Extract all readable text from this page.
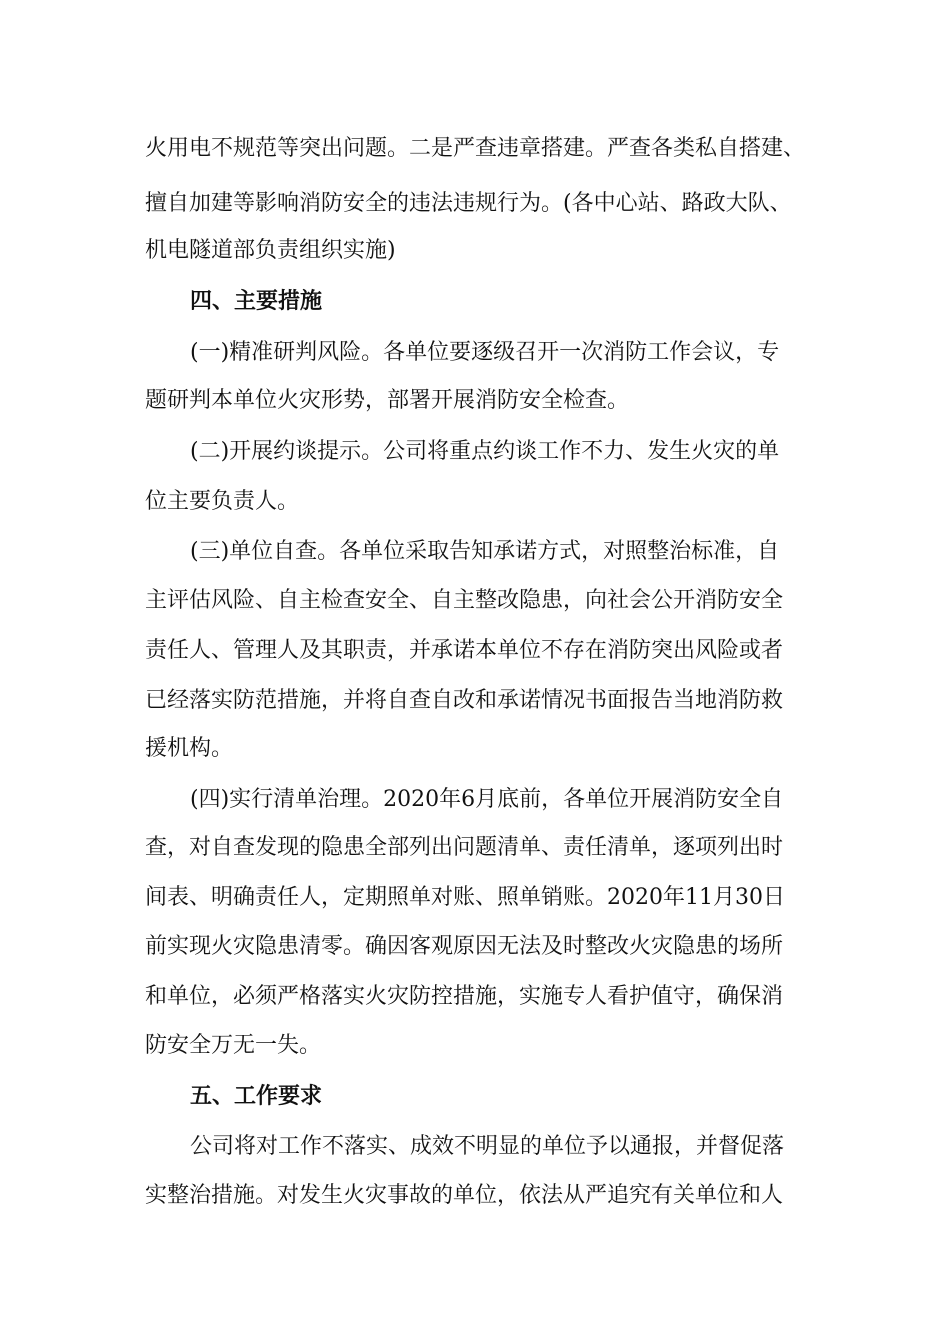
火用电不规范等突出问题。二是严查违章搭建。严查各类私自搭建、
擅自加建等影响消防安全的违法违规行为。(各中心站、路政大队、
机电隧道部负责组织实施)
四、主要措施
(一)精准研判风险。各单位要逐级召开一次消防工作会议，专
题研判本单位火灾形势，部署开展消防安全检查。
(二)开展约谈提示。公司将重点约谈工作不力、发生火灾的单
位主要负责人。
(三)单位自查。各单位采取告知承诺方式，对照整治标准，自
主评估风险、自主检查安全、自主整改隐患，向社会公开消防安全
责任人、管理人及其职责，并承诺本单位不存在消防突出风险或者
已经落实防范措施，并将自查自改和承诺情况书面报告当地消防救
援机构。
(四)实行清单治理。2020年6月底前，各单位开展消防安全自
查，对自查发现的隐患全部列出问题清单、责任清单，逐项列出时
间表、明确责任人，定期照单对账、照单销账。2020年11月30日
前实现火灾隐患清零。确因客观原因无法及时整改火灾隐患的场所
和单位，必须严格落实火灾防控措施，实施专人看护值守，确保消
防安全万无一失。
五、工作要求
公司将对工作不落实、成效不明显的单位予以通报，并督促落
实整治措施。对发生火灾事故的单位，依法从严追究有关单位和人
